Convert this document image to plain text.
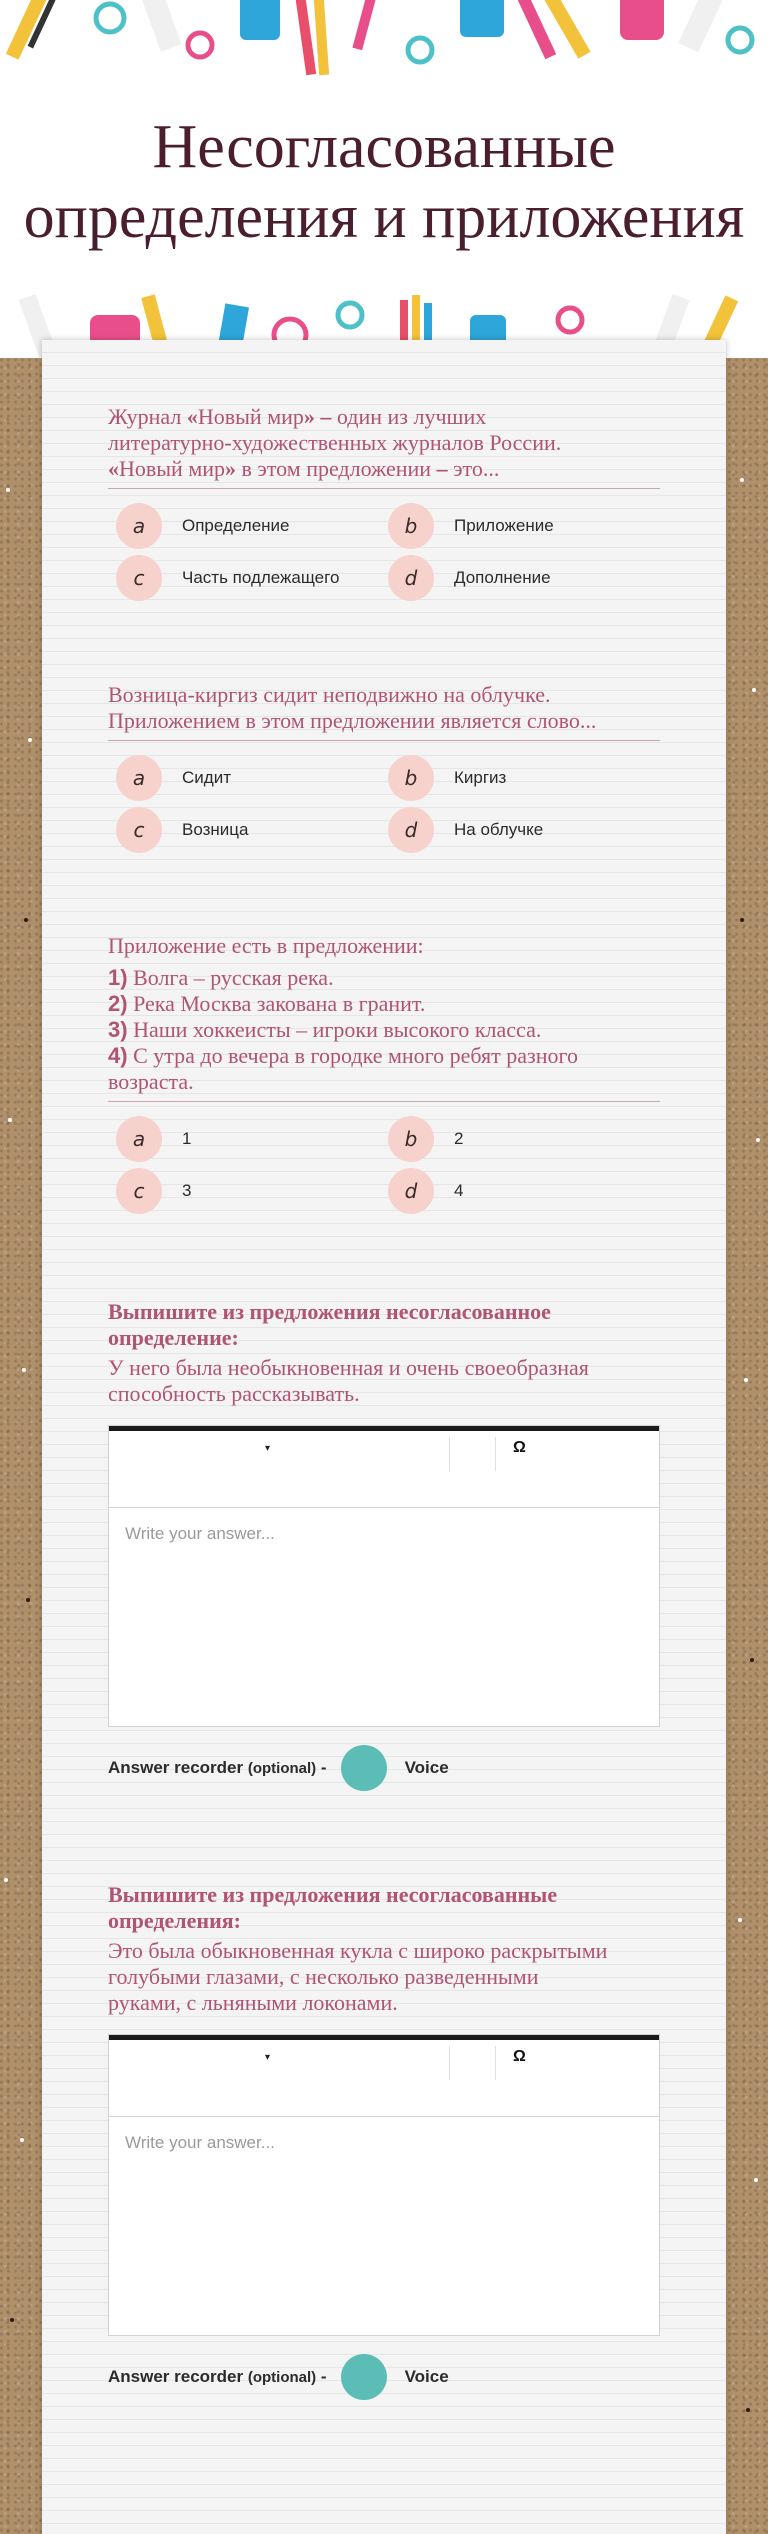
Несогласованные
определения и приложения

Журнал «Новый мир» – один из лучших
литературно-художественных журналов России.
«Новый мир» в этом предложении – это...

a	Определение	b	Приложение
c	Часть подлежащего	d	Дополнение

Возница-киргиз сидит неподвижно на облучке.
Приложением в этом предложении является слово...

a	Сидит	b	Киргиз
c	Возница	d	На облучке

Приложение есть в предложении:

1) Волга – русская река.
2) Река Москва закована в гранит.
3) Наши хоккеисты – игроки высокого класса.
4) С утра до вечера в городке много ребят разного
возраста.

a	1	b	2
c	3	d	4

Выпишите из предложения несогласованное
определение:

У него была необыкновенная и очень своеобразная
способность рассказывать.

▾	Ω
Write your answer...
Answer recorder (optional) -	Voice

Выпишите из предложения несогласованные
определения:

Это была обыкновенная кукла с широко раскрытыми
голубыми глазами, с несколько разведенными
руками, с льняными локонами.

▾	Ω
Write your answer...
Answer recorder (optional) -	Voice
